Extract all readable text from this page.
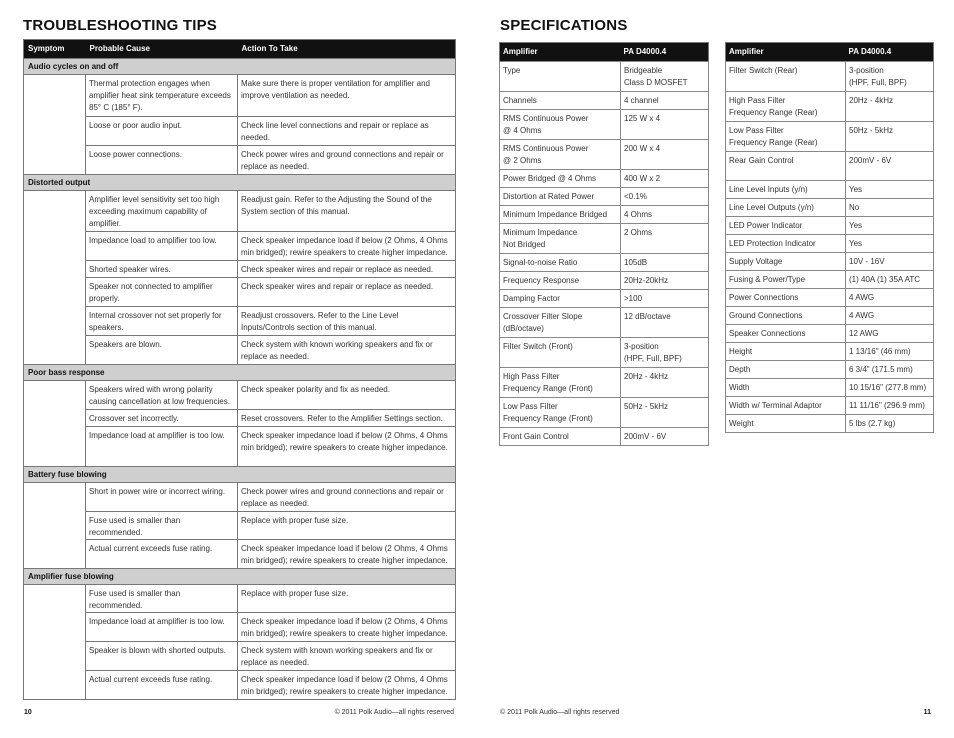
TROUBLESHOOTING TIPS
Symptom	Probable Cause	Action To Take
Audio cycles on and off		
	Thermal protection engages when amplifier heat sink temperature exceeds 85° C (185° F).	Make sure there is proper ventilation for amplifier and improve ventilation as needed.
	Loose or poor audio input.	Check line level connections and repair or replace as needed.
	Loose power connections.	Check power wires and ground connections and repair or replace as needed.
Distorted output		
	Amplifier level sensitivity set too high exceeding maximum capability of amplifier.	Readjust gain. Refer to the Adjusting the Sound of the System section of this manual.
	Impedance load to amplifier too low.	Check speaker impedance load if below (2 Ohms, 4 Ohms min bridged); rewire speakers to create higher impedance.
	Shorted speaker wires.	Check speaker wires and repair or replace as needed.
	Speaker not connected to amplifier properly.	Check speaker wires and repair or replace as needed.
	Internal crossover not set properly for speakers.	Readjust crossovers. Refer to the Line Level Inputs/Controls section of this manual.
	Speakers are blown.	Check system with known working speakers and fix or replace as needed.
Poor bass response		
	Speakers wired with wrong polarity causing cancellation at low frequencies.	Check speaker polarity and fix as needed.
	Crossover set incorrectly.	Reset crossovers. Refer to the Amplifier Settings section.
	Impedance load at amplifier is too low.	Check speaker impedance load if below (2 Ohms, 4 Ohms min bridged); rewire speakers to create higher impedance.
Battery fuse blowing		
	Short in power wire or incorrect wiring.	Check power wires and ground connections and repair or replace as needed.
	Fuse used is smaller than recommended.	Replace with proper fuse size.
	Actual current exceeds fuse rating.	Check speaker impedance load if below (2 Ohms, 4 Ohms min bridged); rewire speakers to create higher impedance.
Amplifier fuse blowing		
	Fuse used is smaller than recommended.	Replace with proper fuse size.
	Impedance load at amplifier is too low.	Check speaker impedance load if below (2 Ohms, 4 Ohms min bridged); rewire speakers to create higher impedance.
	Speaker is blown with shorted outputs.	Check system with known working speakers and fix or replace as needed.
	Actual current exceeds fuse rating.	Check speaker impedance load if below (2 Ohms, 4 Ohms min bridged); rewire speakers to create higher impedance.
10	© 2011 Polk Audio—all rights reserved
SPECIFICATIONS
Amplifier	PA D4000.4
Type	Bridgeable
Class D MOSFET
Channels	4 channel
RMS Continuous Power
@ 4 Ohms	125 W x 4
RMS Continuous Power
@ 2 Ohms	200 W x 4
Power Bridged @ 4 Ohms	400 W x 2
Distortion at Rated Power	<0.1%
Minimum Impedance Bridged	4 Ohms
Minimum Impedance
Not Bridged	2 Ohms
Signal-to-noise Ratio	105dB
Frequency Response	20Hz-20kHz
Damping Factor	>100
Crossover Filter Slope
(dB/octave)	12 dB/octave
Filter Switch (Front)	3-position
(HPF, Full, BPF)
High Pass Filter
Frequency Range (Front)	20Hz - 4kHz
Low Pass Filter
Frequency Range (Front)	50Hz - 5kHz
Front Gain Control	200mV - 6V
Amplifier	PA D4000.4
Filter Switch (Rear)	3-position
(HPF, Full, BPF)
High Pass Filter
Frequency Range (Rear)	20Hz - 4kHz
Low Pass Filter
Frequency Range (Rear)	50Hz - 5kHz
Rear Gain Control	200mV - 6V
Line Level Inputs (y/n)	Yes
Line Level Outputs (y/n)	No
LED Power Indicator	Yes
LED Protection Indicator	Yes
Supply Voltage	10V - 16V
Fusing & Power/Type	(1) 40A (1) 35A ATC
Power Connections	4 AWG
Ground Connections	4 AWG
Speaker Connections	12 AWG
Height	1 13/16" (46 mm)
Depth	6 3/4" (171.5 mm)
Width	10 15/16" (277.8 mm)
Width w/ Terminal Adaptor	11 11/16" (296.9 mm)
Weight	5 lbs (2.7 kg)
© 2011 Polk Audio—all rights reserved	11
